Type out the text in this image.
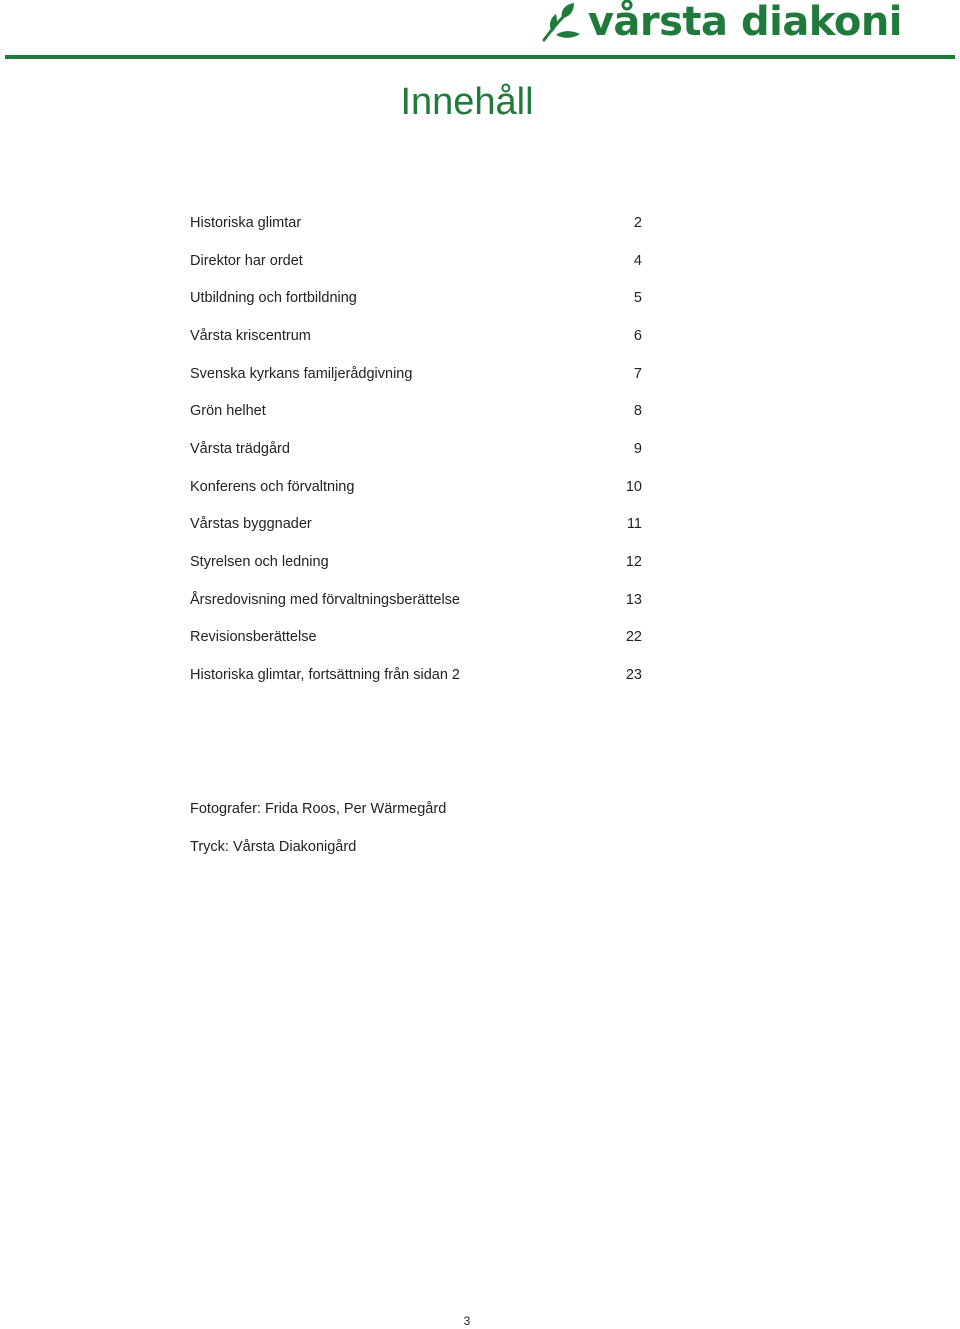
vårsta diakoni
Innehåll
Historiska glimtar	2
Direktor har ordet	4
Utbildning och fortbildning	5
Vårsta kriscentrum	6
Svenska kyrkans familjerådgivning	7
Grön helhet	8
Vårsta trädgård	9
Konferens och förvaltning	10
Vårstas byggnader	11
Styrelsen och ledning	12
Årsredovisning med förvaltningsberättelse	13
Revisionsberättelse	22
Historiska glimtar, fortsättning från sidan 2	23
Fotografer: Frida Roos, Per Wärmegård
Tryck: Vårsta Diakonigård
3
